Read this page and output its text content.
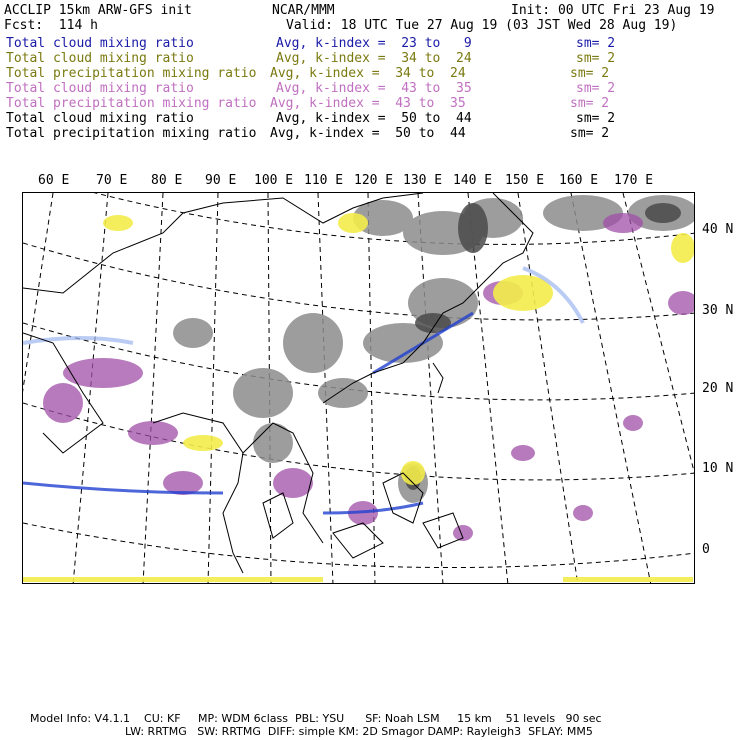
ACCLIP 15km ARW-GFS init	NCAR/MMM	Init: 00 UTC Fri 23 Aug 19
Fcst:  114 h	Valid: 18 UTC Tue 27 Aug 19 (03 JST Wed 28 Aug 19)
Total cloud mixing ratio	Avg, k-index =  23 to   9	sm= 2
Total cloud mixing ratio	Avg, k-index =  34 to  24	sm= 2
Total precipitation mixing ratio Avg, k-index =  34 to  24	sm= 2
Total cloud mixing ratio	Avg, k-index =  43 to  35	sm= 2
Total precipitation mixing ratio Avg, k-index =  43 to  35	sm= 2
Total cloud mixing ratio	Avg, k-index =  50 to  44	sm= 2
Total precipitation mixing ratio Avg, k-index =  50 to  44	sm= 2
60 E 70 E 80 E 90 E 100 E 110 E 120 E 130 E 140 E 150 E 160 E 170 E
40 N
30 N
20 N
10 N
0
Model Info: V4.1.1    CU: KF     MP: WDM 6class  PBL: YSU      SF: Noah LSM     15 km    51 levels   90 sec
LW: RRTMG   SW: RRTMG  DIFF: simple KM: 2D Smagor DAMP: Rayleigh3  SFLAY: MM5
